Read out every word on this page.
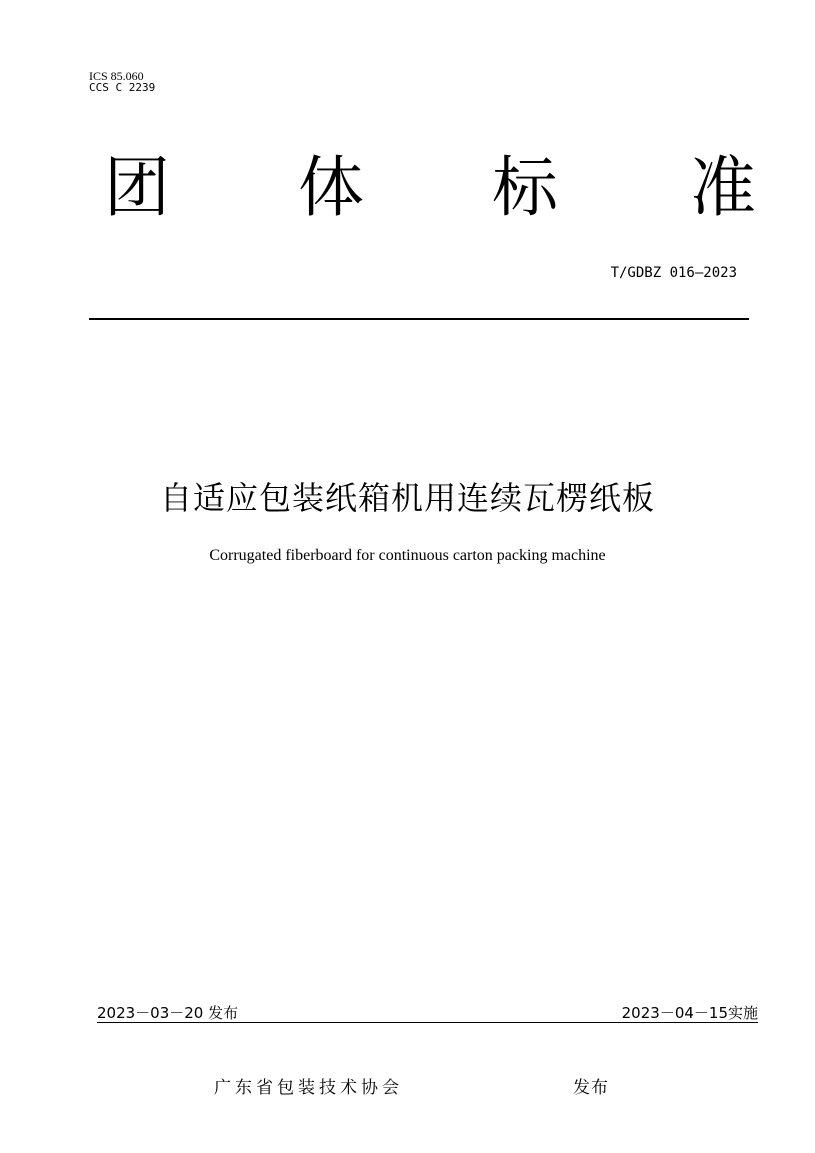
ICS 85.060
CCS C 2239
团 体 标 准
T/GDBZ 016—2023
自适应包装纸箱机用连续瓦楞纸板
Corrugated fiberboard for continuous carton packing machine
2023－03－20 发布	2023－04－15实施
广东省包装技术协会	发布
